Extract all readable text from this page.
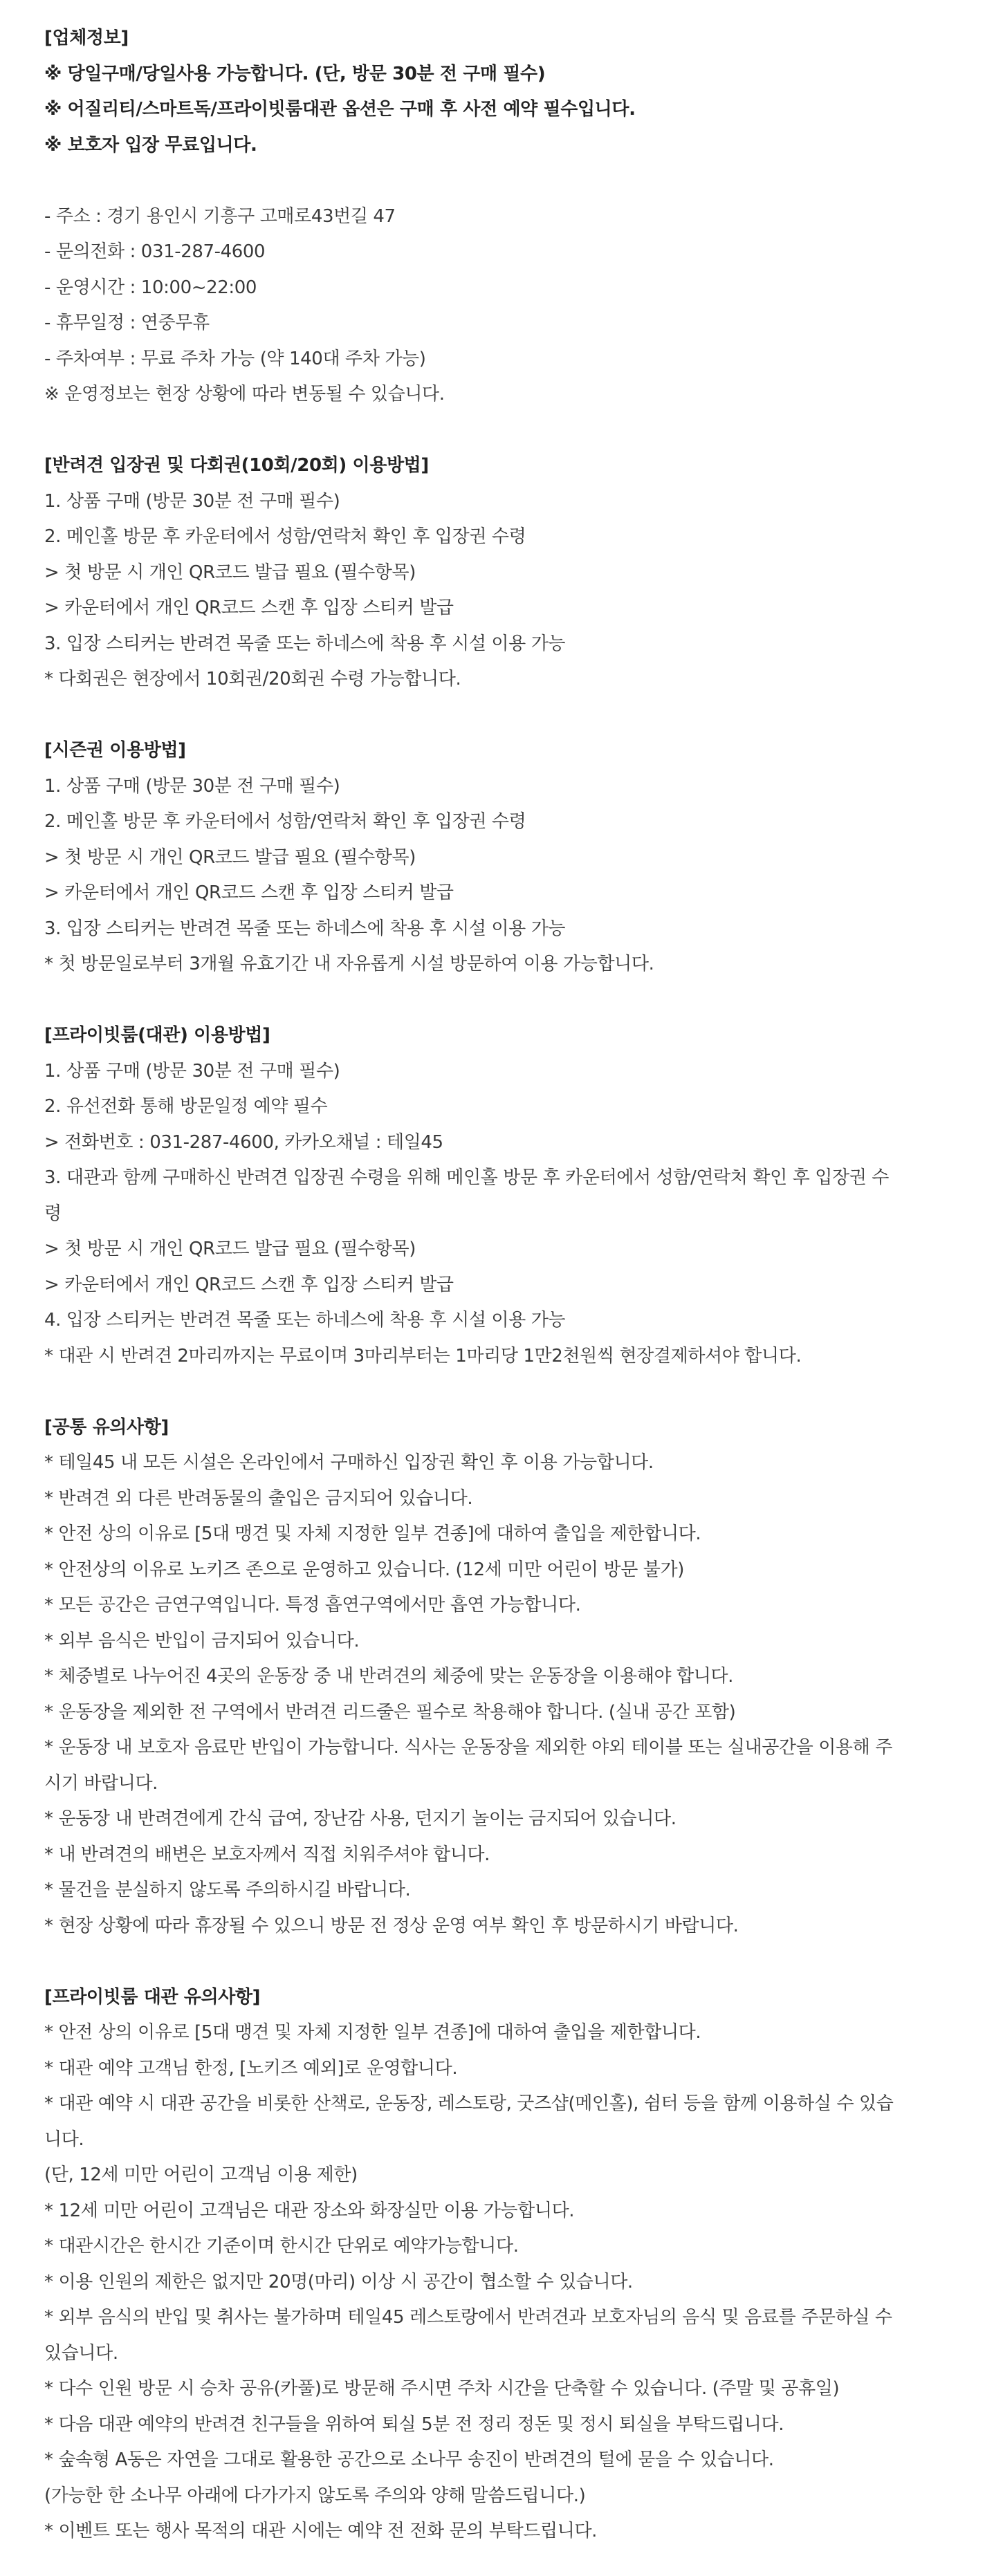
[업체정보]
※ 당일구매/당일사용 가능합니다. (단, 방문 30분 전 구매 필수)
※ 어질리티/스마트독/프라이빗룸대관 옵션은 구매 후 사전 예약 필수입니다.
※ 보호자 입장 무료입니다.
- 주소 : 경기 용인시 기흥구 고매로43번길 47
- 문의전화 : 031-287-4600
- 운영시간 : 10:00~22:00
- 휴무일정 : 연중무휴
- 주차여부 : 무료 주차 가능 (약 140대 주차 가능)
※ 운영정보는 현장 상황에 따라 변동될 수 있습니다.
[반려견 입장권 및 다회권(10회/20회) 이용방법]
1. 상품 구매 (방문 30분 전 구매 필수)
2. 메인홀 방문 후 카운터에서 성함/연락처 확인 후 입장권 수령
> 첫 방문 시 개인 QR코드 발급 필요 (필수항목)
> 카운터에서 개인 QR코드 스캔 후 입장 스티커 발급
3. 입장 스티커는 반려견 목줄 또는 하네스에 착용 후 시설 이용 가능
* 다회권은 현장에서 10회권/20회권 수령 가능합니다.
[시즌권 이용방법]
1. 상품 구매 (방문 30분 전 구매 필수)
2. 메인홀 방문 후 카운터에서 성함/연락처 확인 후 입장권 수령
> 첫 방문 시 개인 QR코드 발급 필요 (필수항목)
> 카운터에서 개인 QR코드 스캔 후 입장 스티커 발급
3. 입장 스티커는 반려견 목줄 또는 하네스에 착용 후 시설 이용 가능
* 첫 방문일로부터 3개월 유효기간 내 자유롭게 시설 방문하여 이용 가능합니다.
[프라이빗룸(대관) 이용방법]
1. 상품 구매 (방문 30분 전 구매 필수)
2. 유선전화 통해 방문일정 예약 필수
> 전화번호 : 031-287-4600, 카카오채널 : 테일45
3. 대관과 함께 구매하신 반려견 입장권 수령을 위해 메인홀 방문 후 카운터에서 성함/연락처 확인 후 입장권 수
령
> 첫 방문 시 개인 QR코드 발급 필요 (필수항목)
> 카운터에서 개인 QR코드 스캔 후 입장 스티커 발급
4. 입장 스티커는 반려견 목줄 또는 하네스에 착용 후 시설 이용 가능
* 대관 시 반려견 2마리까지는 무료이며 3마리부터는 1마리당 1만2천원씩 현장결제하셔야 합니다.
[공통 유의사항]
* 테일45 내 모든 시설은 온라인에서 구매하신 입장권 확인 후 이용 가능합니다.
* 반려견 외 다른 반려동물의 출입은 금지되어 있습니다.
* 안전 상의 이유로 [5대 맹견 및 자체 지정한 일부 견종]에 대하여 출입을 제한합니다.
* 안전상의 이유로 노키즈 존으로 운영하고 있습니다. (12세 미만 어린이 방문 불가)
* 모든 공간은 금연구역입니다. 특정 흡연구역에서만 흡연 가능합니다.
* 외부 음식은 반입이 금지되어 있습니다.
* 체중별로 나누어진 4곳의 운동장 중 내 반려견의 체중에 맞는 운동장을 이용해야 합니다.
* 운동장을 제외한 전 구역에서 반려견 리드줄은 필수로 착용해야 합니다. (실내 공간 포함)
* 운동장 내 보호자 음료만 반입이 가능합니다. 식사는 운동장을 제외한 야외 테이블 또는 실내공간을 이용해 주
시기 바랍니다.
* 운동장 내 반려견에게 간식 급여, 장난감 사용, 던지기 놀이는 금지되어 있습니다.
* 내 반려견의 배변은 보호자께서 직접 치워주셔야 합니다.
* 물건을 분실하지 않도록 주의하시길 바랍니다.
* 현장 상황에 따라 휴장될 수 있으니 방문 전 정상 운영 여부 확인 후 방문하시기 바랍니다.
[프라이빗룸 대관 유의사항]
* 안전 상의 이유로 [5대 맹견 및 자체 지정한 일부 견종]에 대하여 출입을 제한합니다.
* 대관 예약 고객님 한정, [노키즈 예외]로 운영합니다.
* 대관 예약 시 대관 공간을 비롯한 산책로, 운동장, 레스토랑, 굿즈샵(메인홀), 쉼터 등을 함께 이용하실 수 있습
니다.
(단, 12세 미만 어린이 고객님 이용 제한)
* 12세 미만 어린이 고객님은 대관 장소와 화장실만 이용 가능합니다.
* 대관시간은 한시간 기준이며 한시간 단위로 예약가능합니다.
* 이용 인원의 제한은 없지만 20명(마리) 이상 시 공간이 협소할 수 있습니다.
* 외부 음식의 반입 및 취사는 불가하며 테일45 레스토랑에서 반려견과 보호자님의 음식 및 음료를 주문하실 수
있습니다.
* 다수 인원 방문 시 승차 공유(카풀)로 방문해 주시면 주차 시간을 단축할 수 있습니다. (주말 및 공휴일)
* 다음 대관 예약의 반려견 친구들을 위하여 퇴실 5분 전 정리 정돈 및 정시 퇴실을 부탁드립니다.
* 숲속형 A동은 자연을 그대로 활용한 공간으로 소나무 송진이 반려견의 털에 묻을 수 있습니다.
(가능한 한 소나무 아래에 다가가지 않도록 주의와 양해 말씀드립니다.)
* 이벤트 또는 행사 목적의 대관 시에는 예약 전 전화 문의 부탁드립니다.
